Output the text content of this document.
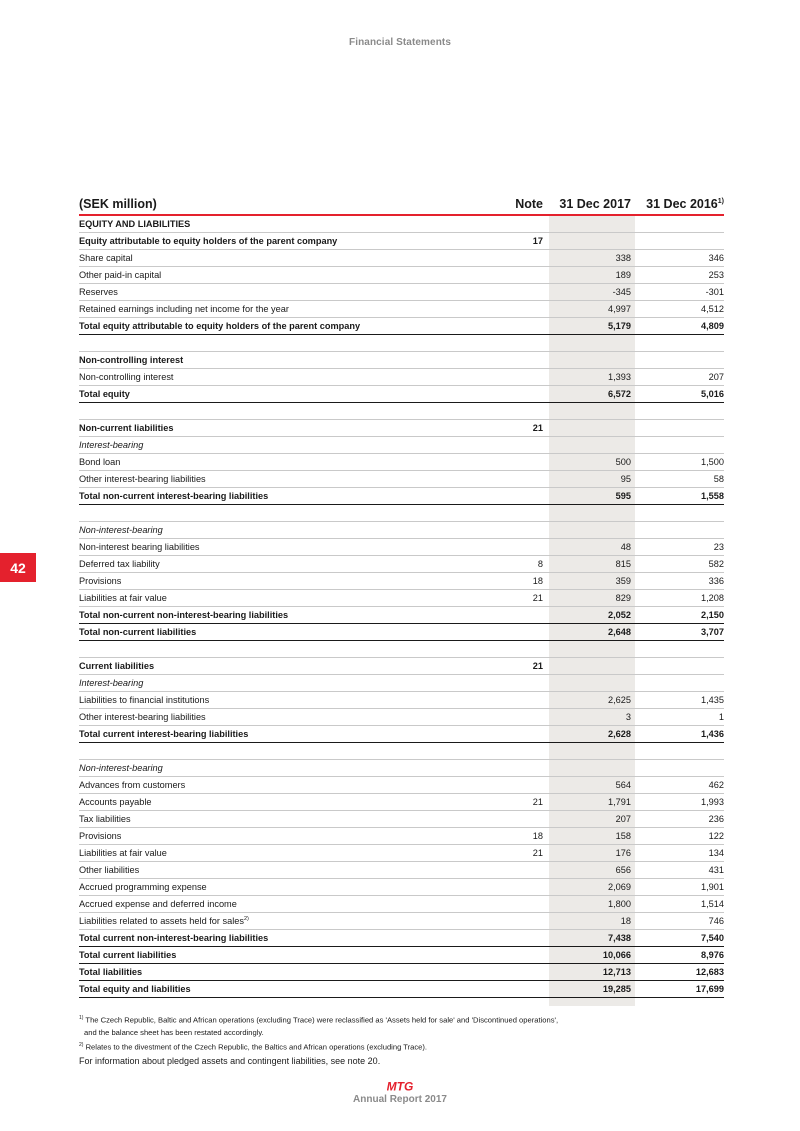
Financial Statements
42
(SEK million)	Note	31 Dec 2017	31 Dec 2016$^{1)}$
EQUITY AND LIABILITIES
Equity attributable to equity holders of the parent company	17
Share capital	338	346
Other paid-in capital	189	253
Reserves	-345	-301
Retained earnings including net income for the year	4,997	4,512
Total equity attributable to equity holders of the parent company	5,179	4,809
Non-controlling interest
Non-controlling interest	1,393	207
Total equity	6,572	5,016
Non-current liabilities	21
Interest-bearing
Bond loan	500	1,500
Other interest-bearing liabilities	95	58
Total non-current interest-bearing liabilities	595	1,558
Non-interest-bearing
Non-interest bearing liabilities	48	23
Deferred tax liability	8	815	582
Provisions	18	359	336
Liabilities at fair value	21	829	1,208
Total non-current non-interest-bearing liabilities	2,052	2,150
Total non-current liabilities	2,648	3,707
Current liabilities	21
Interest-bearing
Liabilities to financial institutions	2,625	1,435
Other interest-bearing liabilities	3	1
Total current interest-bearing liabilities	2,628	1,436
Non-interest-bearing
Advances from customers	564	462
Accounts payable	21	1,791	1,993
Tax liabilities	207	236
Provisions	18	158	122
Liabilities at fair value	21	176	134
Other liabilities	656	431
Accrued programming expense	2,069	1,901
Accrued expense and deferred income	1,800	1,514
Liabilities related to assets held for sales$^{2)}$	18	746
Total current non-interest-bearing liabilities	7,438	7,540
Total current liabilities	10,066	8,976
Total liabilities	12,713	12,683
Total equity and liabilities	19,285	17,699
$^{1)}$ The Czech Republic, Baltic and African operations (excluding Trace) were reclassified as 'Assets held for sale' and 'Discontinued operations',
and the balance sheet has been restated accordingly.
$^{2)}$ Relates to the divestment of the Czech Republic, the Baltics and African operations (excluding Trace).
For information about pledged assets and contingent liabilities, see note 20.
MTG
Annual Report 2017
